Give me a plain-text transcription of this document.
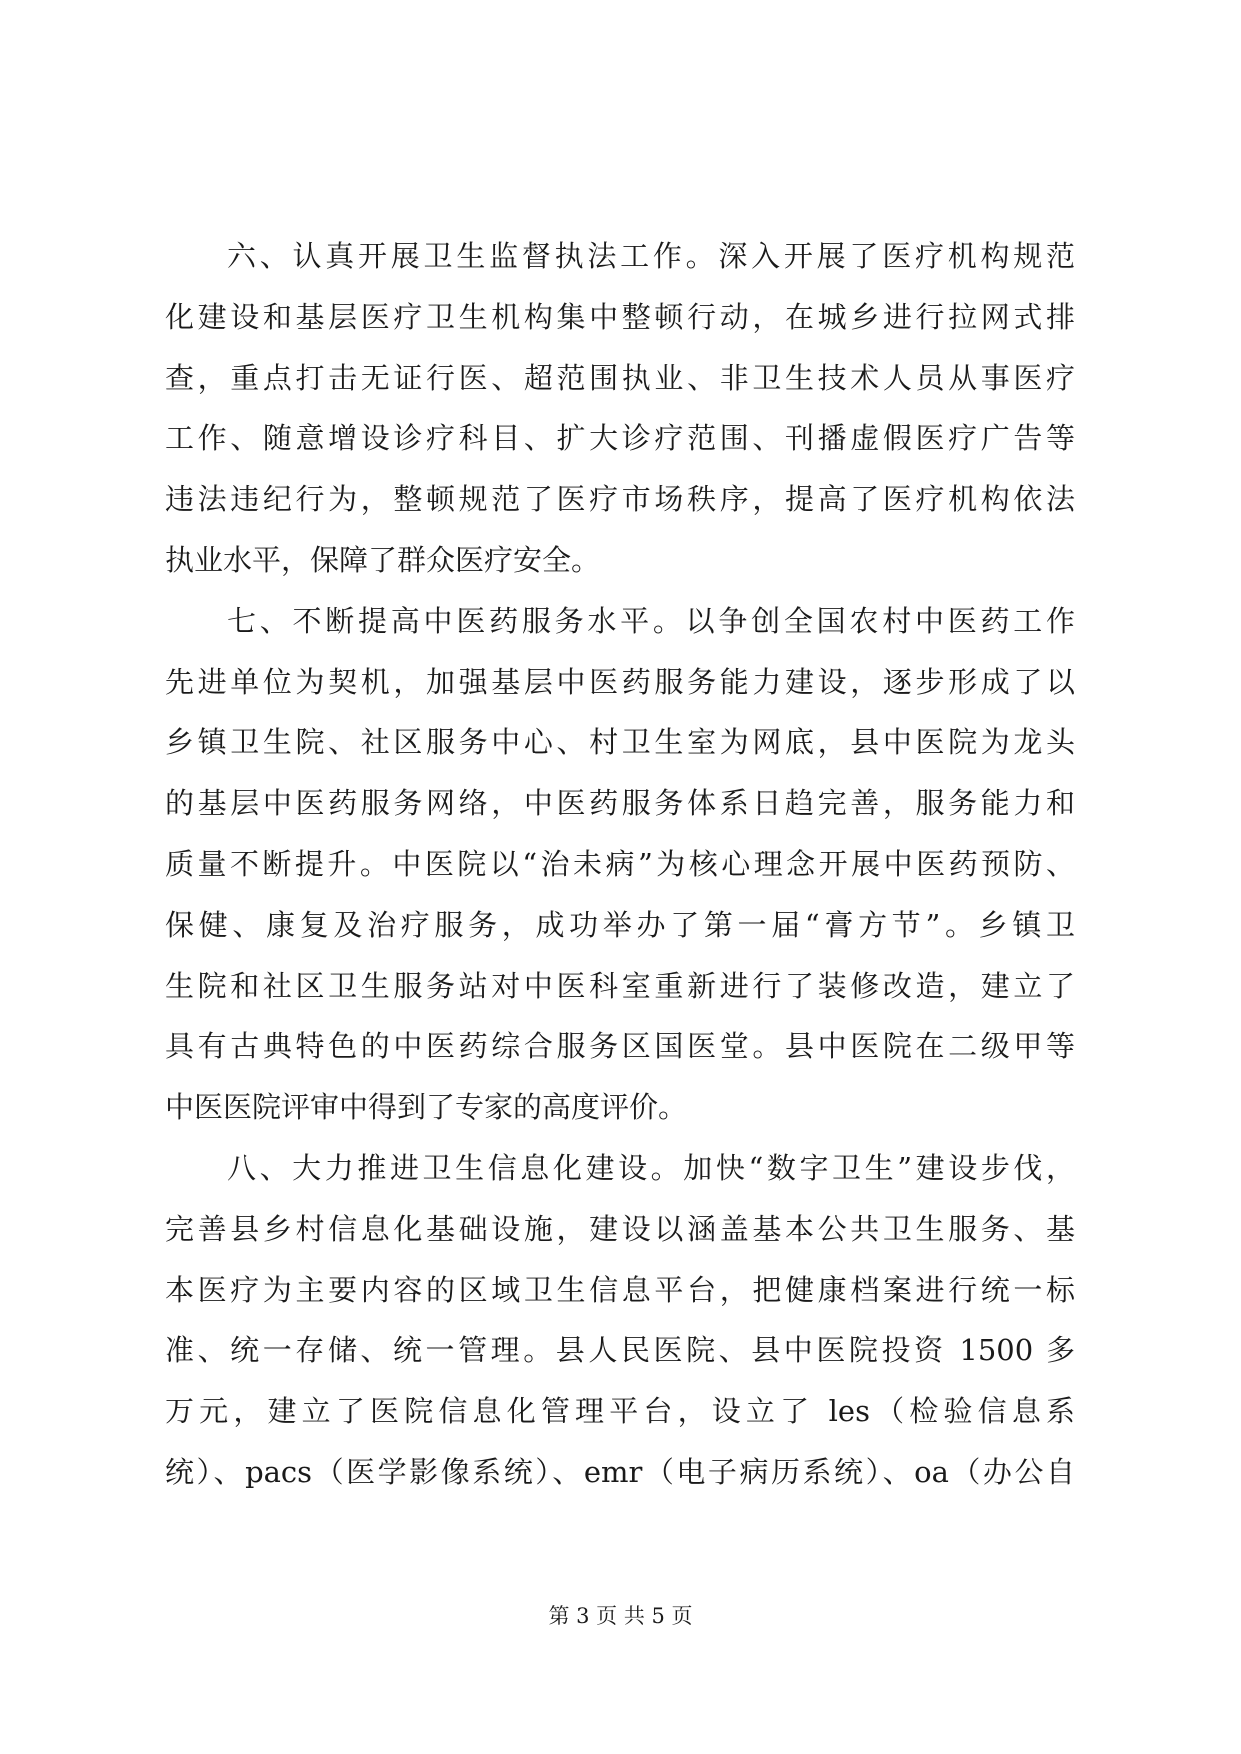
六、认真开展卫生监督执法工作。深入开展了医疗机构规范
化建设和基层医疗卫生机构集中整顿行动，在城乡进行拉网式排
查，重点打击无证行医、超范围执业、非卫生技术人员从事医疗
工作、随意增设诊疗科目、扩大诊疗范围、刊播虚假医疗广告等
违法违纪行为，整顿规范了医疗市场秩序，提高了医疗机构依法
执业水平，保障了群众医疗安全。
七、不断提高中医药服务水平。以争创全国农村中医药工作
先进单位为契机，加强基层中医药服务能力建设，逐步形成了以
乡镇卫生院、社区服务中心、村卫生室为网底，县中医院为龙头
的基层中医药服务网络，中医药服务体系日趋完善，服务能力和
质量不断提升。中医院以“治未病”为核心理念开展中医药预防、
保健、康复及治疗服务，成功举办了第一届“膏方节”。乡镇卫
生院和社区卫生服务站对中医科室重新进行了装修改造，建立了
具有古典特色的中医药综合服务区国医堂。县中医院在二级甲等
中医医院评审中得到了专家的高度评价。
八、大力推进卫生信息化建设。加快“数字卫生”建设步伐，
完善县乡村信息化基础设施，建设以涵盖基本公共卫生服务、基
本医疗为主要内容的区域卫生信息平台，把健康档案进行统一标
准、统一存储、统一管理。县人民医院、县中医院投资 1500 多
万元，建立了医院信息化管理平台，设立了 les（检验信息系
统）、pacs（医学影像系统）、emr（电子病历系统）、oa（办公自
第 3 页 共 5 页
